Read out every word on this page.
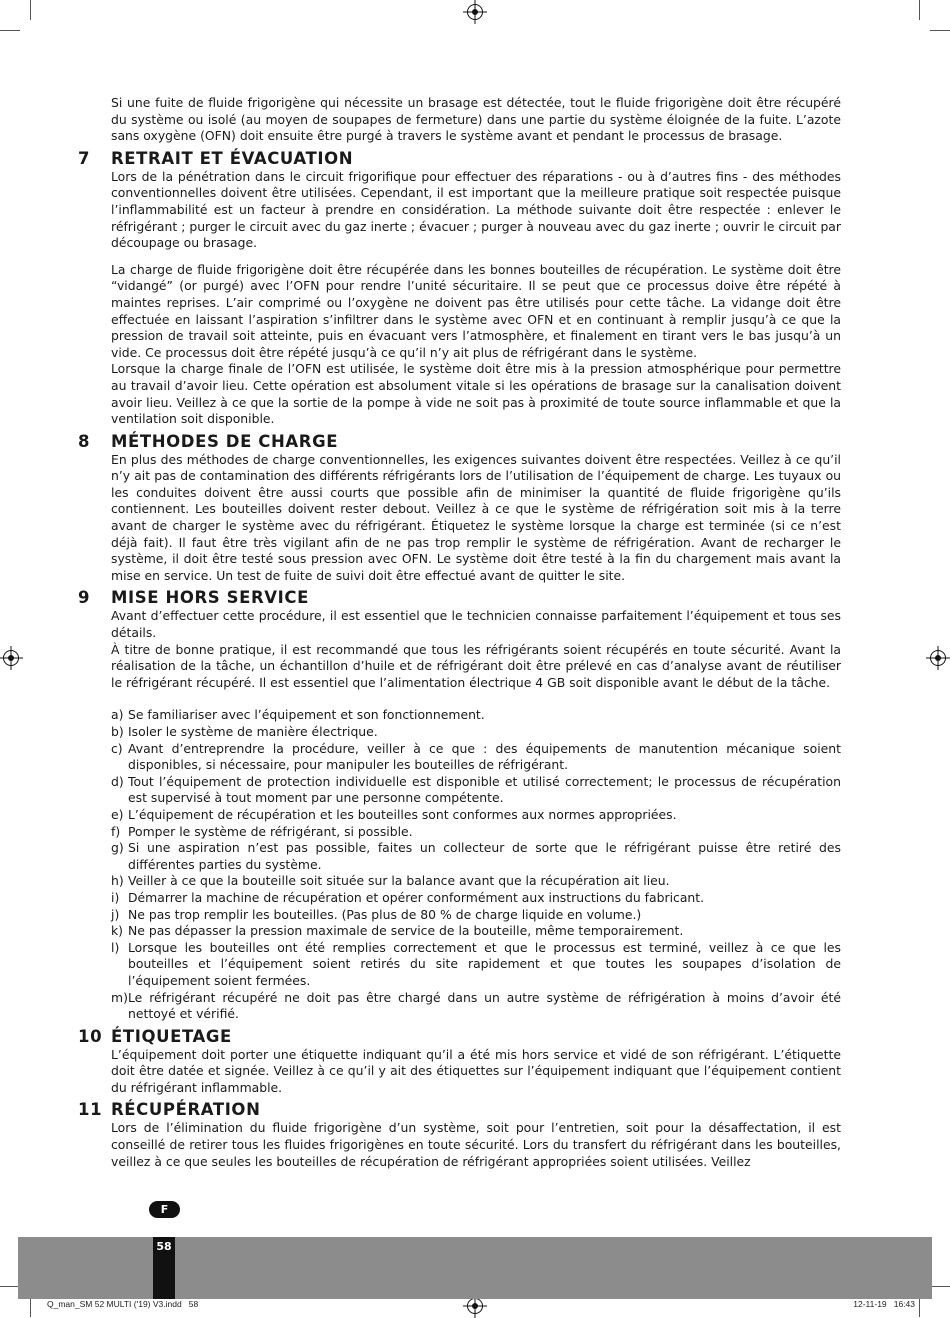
Si une fuite de fluide frigorigène qui nécessite un brasage est détectée, tout le fluide frigorigène doit être récupéré du système ou isolé (au moyen de soupapes de fermeture) dans une partie du système éloignée de la fuite. L’azote sans oxygène (OFN) doit ensuite être purgé à travers le système avant et pendant le processus de brasage.

7	RETRAIT ET ÉVACUATION

Lors de la pénétration dans le circuit frigorifique pour effectuer des réparations - ou à d’autres fins - des méthodes conventionnelles doivent être utilisées. Cependant, il est important que la meilleure pratique soit respectée puisque l’inflammabilité est un facteur à prendre en considération. La méthode suivante doit être respectée : enlever le réfrigérant ; purger le circuit avec du gaz inerte ; évacuer ; purger à nouveau avec du gaz inerte ; ouvrir le circuit par découpage ou brasage.

La charge de fluide frigorigène doit être récupérée dans les bonnes bouteilles de récupération. Le système doit être “vidangé” (or purgé) avec l’OFN pour rendre l’unité sécuritaire. Il se peut que ce processus doive être répété à maintes reprises. L’air comprimé ou l’oxygène ne doivent pas être utilisés pour cette tâche. La vidange doit être effectuée en laissant l’aspiration s’infiltrer dans le système avec OFN et en continuant à remplir jusqu’à ce que la pression de travail soit atteinte, puis en évacuant vers l’atmosphère, et finalement en tirant vers le bas jusqu’à un vide. Ce processus doit être répété jusqu’à ce qu’il n’y ait plus de réfrigérant dans le système.

Lorsque la charge finale de l’OFN est utilisée, le système doit être mis à la pression atmosphérique pour permettre au travail d’avoir lieu. Cette opération est absolument vitale si les opérations de brasage sur la canalisation doivent avoir lieu. Veillez à ce que la sortie de la pompe à vide ne soit pas à proximité de toute source inflammable et que la ventilation soit disponible.

8	MÉTHODES DE CHARGE

En plus des méthodes de charge conventionnelles, les exigences suivantes doivent être respectées. Veillez à ce qu’il n’y ait pas de contamination des différents réfrigérants lors de l’utilisation de l’équipement de charge. Les tuyaux ou les conduites doivent être aussi courts que possible afin de minimiser la quantité de fluide frigorigène qu’ils contiennent. Les bouteilles doivent rester debout. Veillez à ce que le système de réfrigération soit mis à la terre avant de charger le système avec du réfrigérant. Étiquetez le système lorsque la charge est terminée (si ce n’est déjà fait). Il faut être très vigilant afin de ne pas trop remplir le système de réfrigération. Avant de recharger le système, il doit être testé sous pression avec OFN. Le système doit être testé à la fin du chargement mais avant la mise en service. Un test de fuite de suivi doit être effectué avant de quitter le site.

9	MISE HORS SERVICE

Avant d’effectuer cette procédure, il est essentiel que le technicien connaisse parfaitement l’équipement et tous ses détails.

À titre de bonne pratique, il est recommandé que tous les réfrigérants soient récupérés en toute sécurité. Avant la réalisation de la tâche, un échantillon d’huile et de réfrigérant doit être prélevé en cas d’analyse avant de réutiliser le réfrigérant récupéré. Il est essentiel que l’alimentation électrique 4 GB soit disponible avant le début de la tâche.

a) Se familiariser avec l’équipement et son fonctionnement.
b) Isoler le système de manière électrique.
c) Avant d’entreprendre la procédure, veiller à ce que : des équipements de manutention mécanique soient disponibles, si nécessaire, pour manipuler les bouteilles de réfrigérant.
d) Tout l’équipement de protection individuelle est disponible et utilisé correctement; le processus de récupération est supervisé à tout moment par une personne compétente.
e) L’équipement de récupération et les bouteilles sont conformes aux normes appropriées.
f) Pomper le système de réfrigérant, si possible.
g) Si une aspiration n’est pas possible, faites un collecteur de sorte que le réfrigérant puisse être retiré des différentes parties du système.
h) Veiller à ce que la bouteille soit située sur la balance avant que la récupération ait lieu.
i) Démarrer la machine de récupération et opérer conformément aux instructions du fabricant.
j) Ne pas trop remplir les bouteilles. (Pas plus de 80 % de charge liquide en volume.)
k) Ne pas dépasser la pression maximale de service de la bouteille, même temporairement.
l) Lorsque les bouteilles ont été remplies correctement et que le processus est terminé, veillez à ce que les bouteilles et l’équipement soient retirés du site rapidement et que toutes les soupapes d’isolation de l’équipement soient fermées.
m) Le réfrigérant récupéré ne doit pas être chargé dans un autre système de réfrigération à moins d’avoir été nettoyé et vérifié.
10 ÉTIQUETAGE

L’équipement doit porter une étiquette indiquant qu’il a été mis hors service et vidé de son réfrigérant. L’étiquette doit être datée et signée. Veillez à ce qu’il y ait des étiquettes sur l’équipement indiquant que l’équipement contient du réfrigérant inflammable.

11 RÉCUPÉRATION

Lors de l’élimination du fluide frigorigène d’un système, soit pour l’entretien, soit pour la désaffectation, il est conseillé de retirer tous les fluides frigorigènes en toute sécurité. Lors du transfert du réfrigérant dans les bouteilles, veillez à ce que seules les bouteilles de récupération de réfrigérant appropriées soient utilisées. Veillez

F
58
Q_man_SM 52 MULTI ('19) V3.indd   58	12-11-19   16:43
